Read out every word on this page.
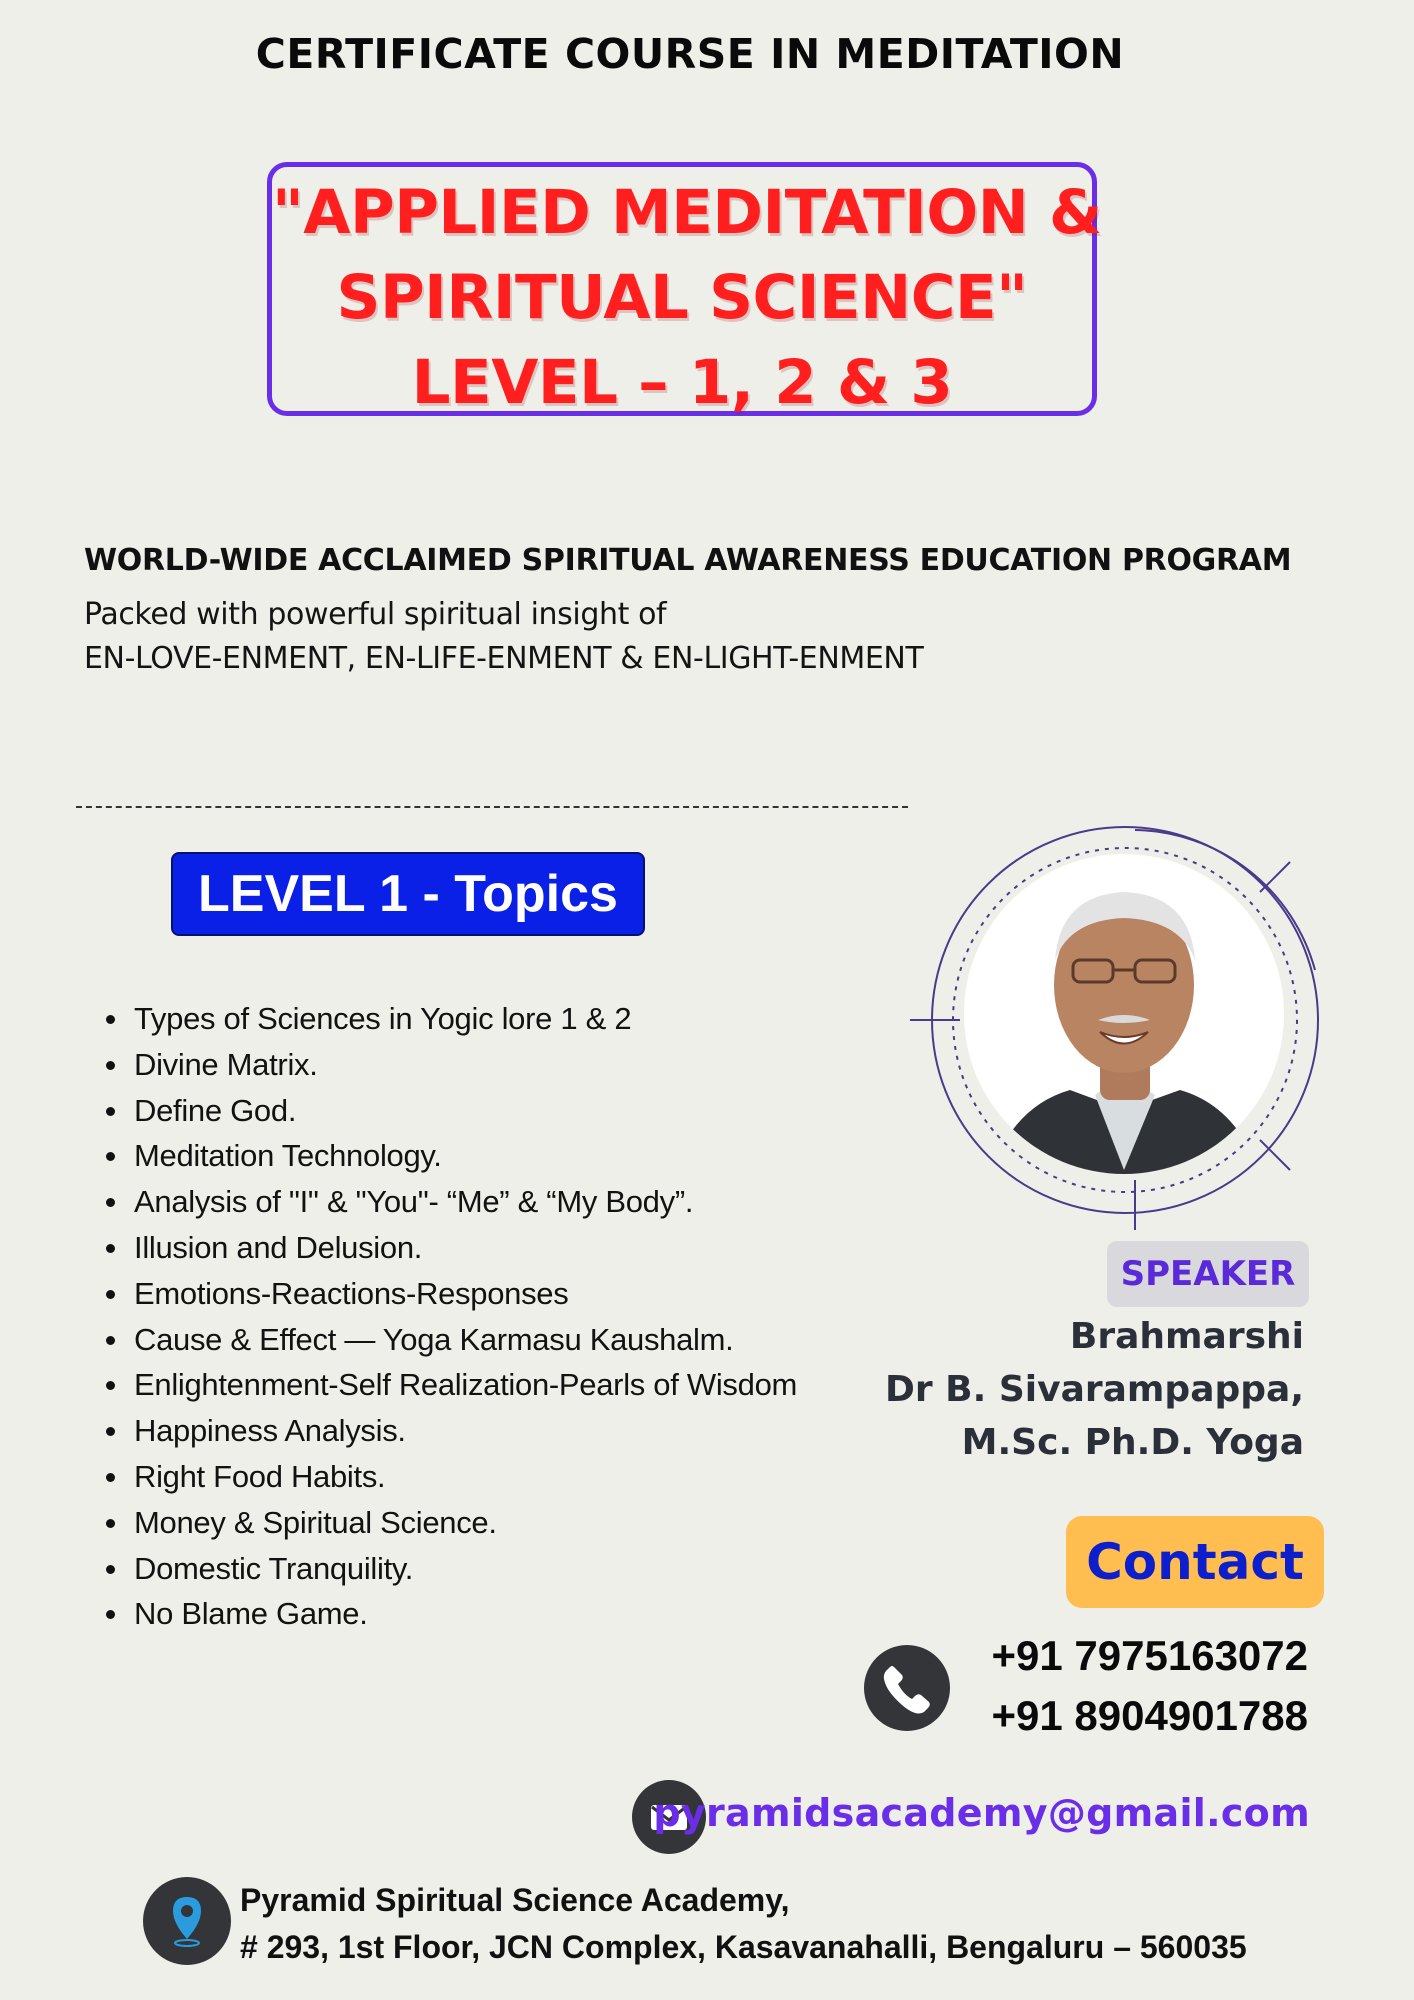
CERTIFICATE COURSE IN MEDITATION
"APPLIED MEDITATION &
SPIRITUAL SCIENCE"
LEVEL – 1, 2 & 3
WORLD-WIDE ACCLAIMED SPIRITUAL AWARENESS EDUCATION PROGRAM
Packed with powerful spiritual insight of
EN-LOVE-ENMENT, EN-LIFE-ENMENT & EN-LIGHT-ENMENT
LEVEL 1 - Topics
Types of Sciences in Yogic lore 1 & 2
Divine Matrix.
Define God.
Meditation Technology.
Analysis of "I" & "You"- “Me” & “My Body”.
Illusion and Delusion.
Emotions-Reactions-Responses
Cause & Effect — Yoga Karmasu Kaushalm.
Enlightenment-Self Realization-Pearls of Wisdom
Happiness Analysis.
Right Food Habits.
Money & Spiritual Science.
Domestic Tranquility.
No Blame Game.
SPEAKER
Brahmarshi
Dr B. Sivarampappa,
M.Sc. Ph.D. Yoga
Contact
+91 7975163072
+91 8904901788
pyramidsacademy@gmail.com
Pyramid Spiritual Science Academy,
# 293, 1st Floor, JCN Complex, Kasavanahalli, Bengaluru – 560035
